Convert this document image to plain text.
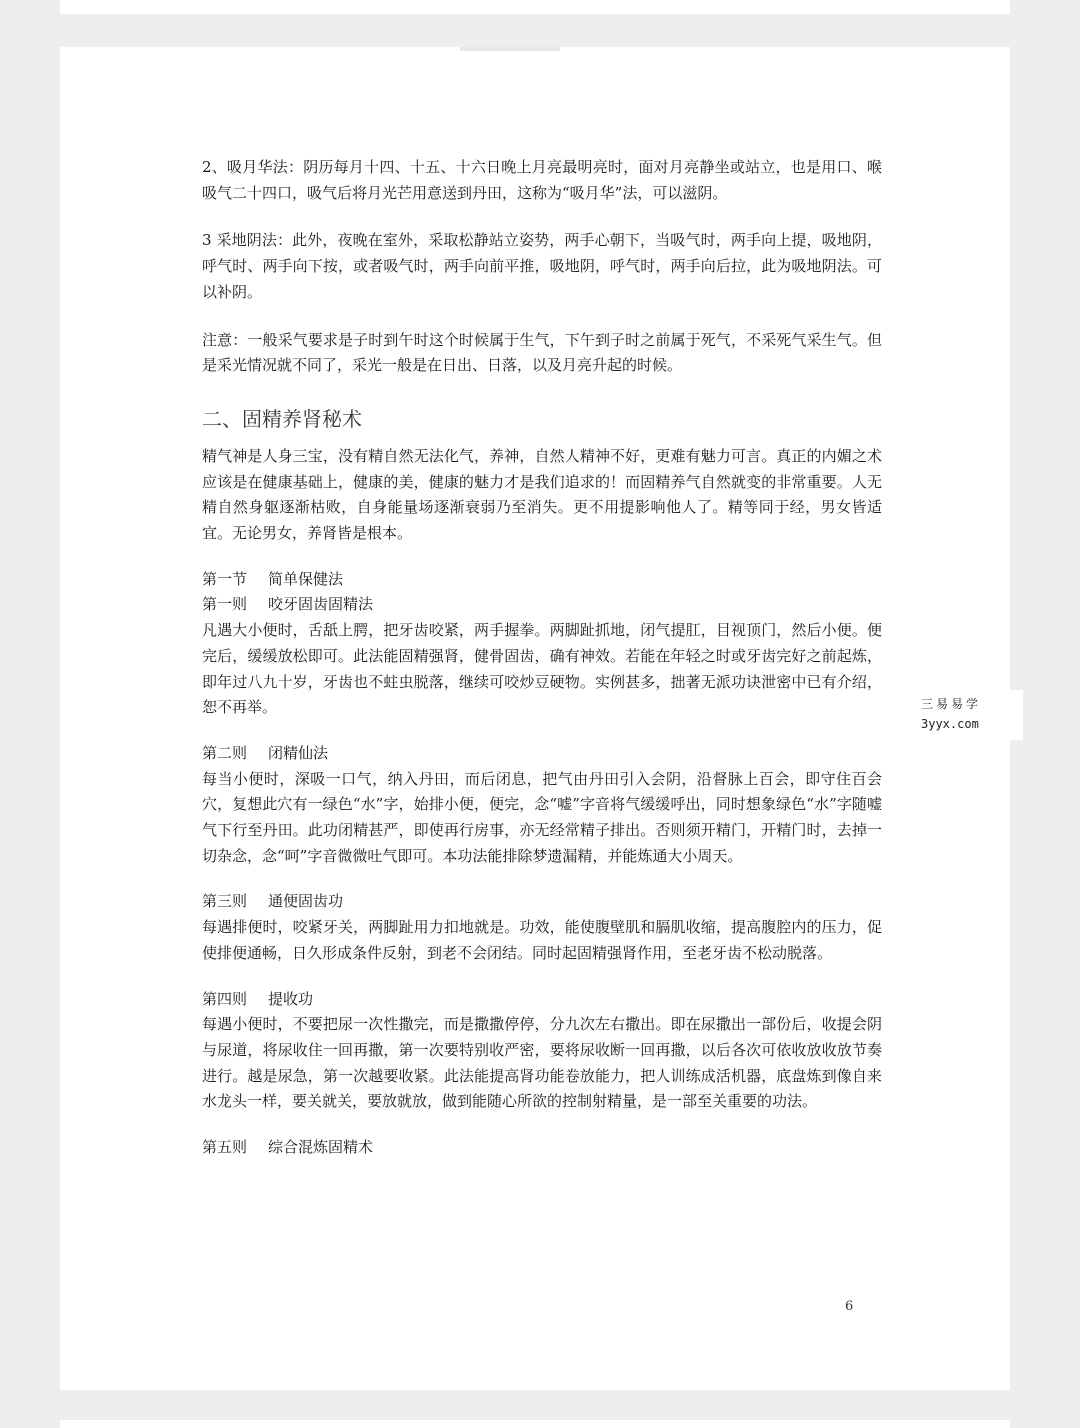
2、吸月华法：阴历每月十四、十五、十六日晚上月亮最明亮时，面对月亮静坐或站立，也是用口、喉吸气二十四口，吸气后将月光芒用意送到丹田，这称为“吸月华”法，可以滋阴。

3 采地阴法：此外，夜晚在室外，采取松静站立姿势，两手心朝下，当吸气时，两手向上提，吸地阴，呼气时、两手向下按，或者吸气时，两手向前平推，吸地阴，呼气时，两手向后拉，此为吸地阴法。可以补阴。

注意：一般采气要求是子时到午时这个时候属于生气，下午到子时之前属于死气，不采死气采生气。但是采光情况就不同了，采光一般是在日出、日落，以及月亮升起的时候。

二、固精养肾秘术

精气神是人身三宝，没有精自然无法化气，养神，自然人精神不好，更难有魅力可言。真正的内媚之术应该是在健康基础上，健康的美，健康的魅力才是我们追求的！而固精养气自然就变的非常重要。人无精自然身躯逐渐枯败，自身能量场逐渐衰弱乃至消失。更不用提影响他人了。精等同于经，男女皆适宜。无论男女，养肾皆是根本。

第一节 简单保健法

第一则 咬牙固齿固精法

凡遇大小便时，舌舐上腭，把牙齿咬紧，两手握拳。两脚趾抓地，闭气提肛，目视顶门，然后小便。便完后，缓缓放松即可。此法能固精强肾，健骨固齿，确有神效。若能在年轻之时或牙齿完好之前起炼，即年过八九十岁，牙齿也不蛀虫脱落，继续可咬炒豆硬物。实例甚多，拙著无派功诀泄密中已有介绍，恕不再举。

第二则 闭精仙法

每当小便时，深吸一口气，纳入丹田，而后闭息，把气由丹田引入会阴，沿督脉上百会，即守住百会穴，复想此穴有一绿色“水”字，始排小便，便完，念“嘘”字音将气缓缓呼出，同时想象绿色“水”字随嘘气下行至丹田。此功闭精甚严，即使再行房事，亦无经常精子排出。否则须开精门，开精门时，去掉一切杂念，念“呵”字音微微吐气即可。本功法能排除梦遗漏精，并能炼通大小周天。

第三则 通便固齿功

每遇排便时，咬紧牙关，两脚趾用力扣地就是。功效，能使腹壁肌和膈肌收缩，提高腹腔内的压力，促使排便通畅，日久形成条件反射，到老不会闭结。同时起固精强肾作用，至老牙齿不松动脱落。

第四则 提收功

每遇小便时，不要把尿一次性撒完，而是撒撒停停，分九次左右撒出。即在尿撒出一部份后，收提会阴与尿道，将尿收住一回再撒，第一次要特别收严密，要将尿收断一回再撒，以后各次可依收放收放节奏进行。越是尿急，第一次越要收紧。此法能提高肾功能卷放能力，把人训练成活机器，底盘炼到像自来水龙头一样，要关就关，要放就放，做到能随心所欲的控制射精量，是一部至关重要的功法。

第五则 综合混炼固精术

6
三易易学
3yyx.com
